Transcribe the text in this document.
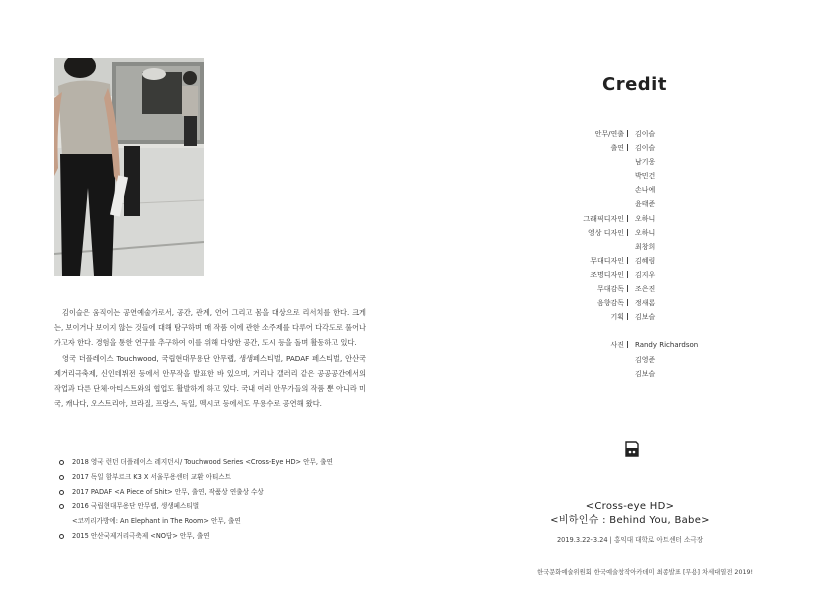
김이슬은 움직이는 공연예술가로서, 공간, 관계, 언어 그리고 몸을 대상으로 리서치를 한다. 크게는, 보이거나 보이지 않는 것들에 대해 탐구하며 매 작품 이에 관한 소주제를 다루어 다각도로 풀어나가고자 한다. 경험을 통한 연구를 추구하여 이를 위해 다양한 공간, 도시 등을 돌며 활동하고 있다.

영국 더플레이스 Touchwood, 국립현대무용단 안무랩, 생생페스티벌, PADAF 페스티벌, 안산국제거리극축제, 신인데뷔전 등에서 안무작을 발표한 바 있으며, 거리나 갤러리 같은 공공공간에서의 작업과 다른 단체·아티스트와의 협업도 활발하게 하고 있다. 국내 여러 안무가들의 작품 뿐 아니라 미국, 캐나다, 오스트리아, 브라질, 프랑스, 독일, 멕시코 등에서도 무용수로 공연해 왔다.

2018 영국 런던 더플레이스 레지던시/ Touchwood Series <Cross-Eye HD> 안무, 출연
2017 독일 함부르크 K3 X 서울무용센터 교환 아티스트
2017 PADAF <A Piece of Shit> 안무, 출연, 작품상 연출상 수상
2016 국립현대무용단 안무랩, 생생페스티벌
<코끼리가방에: An Elephant in The Room> 안무, 출연
2015 안산국제거리극축제 <NO답> 안무, 출연
Credit
안무/연출 김이슬
출연 김이슬
남기웅
박민건
손나예
윤태준
그래픽디자인 오하니
영상 디자인 오하니
최창희
무대디자인 김혜림
조명디자인 김지우
무대감독 조은진
음향감독 정새롬
기획 김보슬
사진 Randy Richardson
김영준
김보슬
<Cross-eye HD>
<비하인슈 : Behind You, Babe>
2019.3.22-3.24 | 홍익대 대학로 아트센터 소극장
한국문화예술위원회 한국예술창작아카데미 최종발표 [무용] 차세대열전 2019!
